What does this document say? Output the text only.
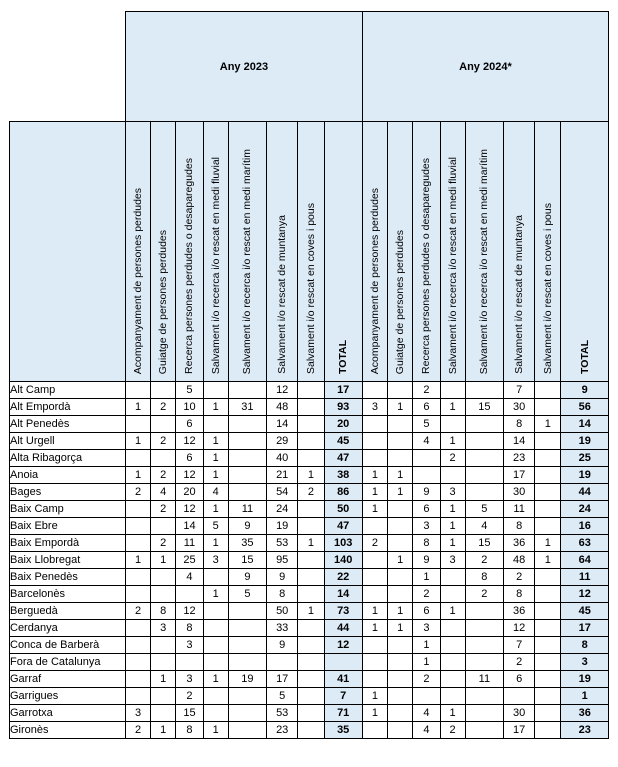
	Any 2023								Any 2024*							
	Acompanyament de persones perdudes	Guiatge de persones perdudes	Recerca persones perdudes o desaparegudes	Salvament i/o recerca i/o rescat en medi fluvial	Salvament i/o recerca i/o rescat en medi marítim	Salvament i/o rescat de muntanya	Salvament i/o rescat en coves i pous	TOTAL	Acompanyament de persones perdudes	Guiatge de persones perdudes	Recerca persones perdudes o desaparegudes	Salvament i/o recerca i/o rescat en medi fluvial	Salvament i/o recerca i/o rescat en medi marítim	Salvament i/o rescat de muntanya	Salvament i/o rescat en coves i pous	TOTAL
Alt Camp			5			12		17			2			7		9
Alt Empordà	1	2	10	1	31	48		93	3	1	6	1	15	30		56
Alt Penedès			6			14		20			5			8	1	14
Alt Urgell	1	2	12	1		29		45			4	1		14		19
Alta Ribagorça			6	1		40		47				2		23		25
Anoia	1	2	12	1		21	1	38	1	1				17		19
Bages	2	4	20	4		54	2	86	1	1	9	3		30		44
Baix Camp		2	12	1	11	24		50	1		6	1	5	11		24
Baix Ebre			14	5	9	19		47			3	1	4	8		16
Baix Empordà		2	11	1	35	53	1	103	2		8	1	15	36	1	63
Baix Llobregat	1	1	25	3	15	95		140		1	9	3	2	48	1	64
Baix Penedès			4		9	9		22			1		8	2		11
Barcelonès				1	5	8		14			2		2	8		12
Berguedà	2	8	12			50	1	73	1	1	6	1		36		45
Cerdanya		3	8			33		44	1	1	3			12		17
Conca de Barberà			3			9		12			1			7		8
Fora de Catalunya											1			2		3
Garraf		1	3	1	19	17		41			2		11	6		19
Garrigues			2			5		7	1							1
Garrotxa	3		15			53		71	1		4	1		30		36
Gironès	2	1	8	1		23		35			4	2		17		23
